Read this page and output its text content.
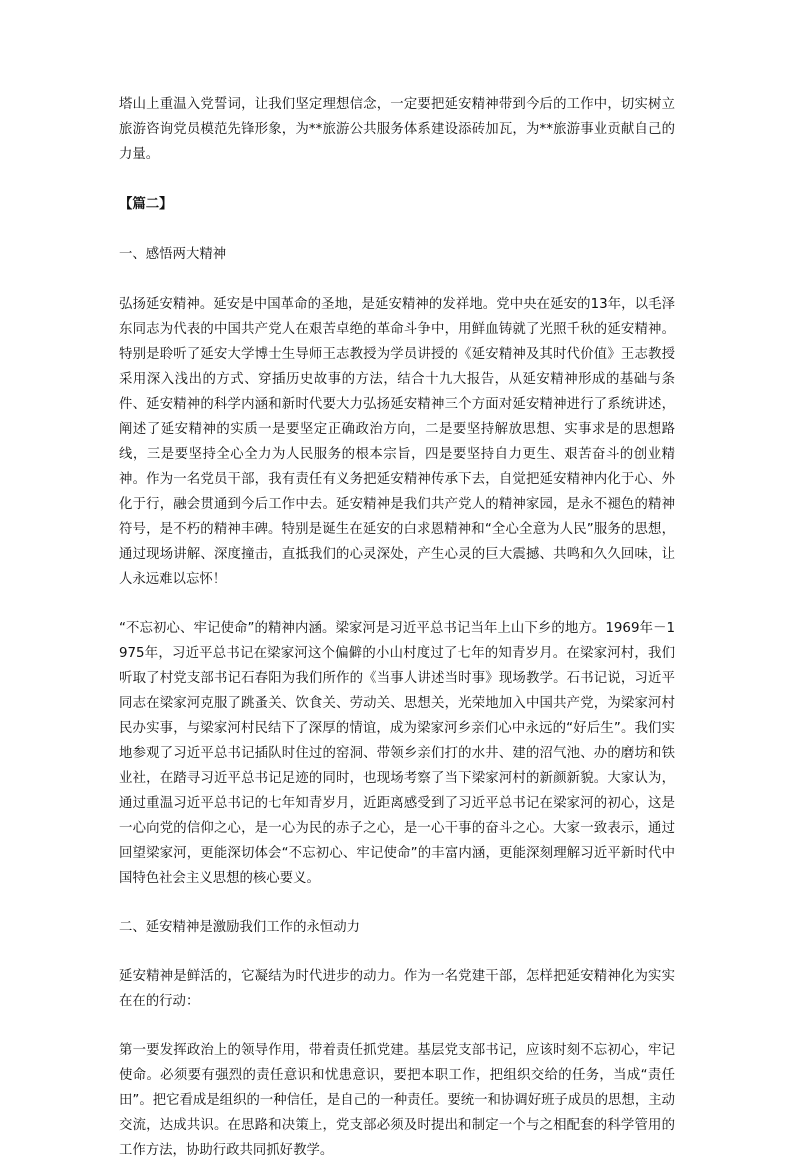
塔山上重温入党誓词，让我们坚定理想信念，一定要把延安精神带到今后的工作中，切实树立旅游咨询党员模范先锋形象，为**旅游公共服务体系建设添砖加瓦，为**旅游事业贡献自己的力量。

【篇二】

一、感悟两大精神

弘扬延安精神。延安是中国革命的圣地，是延安精神的发祥地。党中央在延安的13年，以毛泽东同志为代表的中国共产党人在艰苦卓绝的革命斗争中，用鲜血铸就了光照千秋的延安精神。特别是聆听了延安大学博士生导师王志教授为学员讲授的《延安精神及其时代价值》王志教授采用深入浅出的方式、穿插历史故事的方法，结合十九大报告，从延安精神形成的基础与条件、延安精神的科学内涵和新时代要大力弘扬延安精神三个方面对延安精神进行了系统讲述，阐述了延安精神的实质一是要坚定正确政治方向，二是要坚持解放思想、实事求是的思想路线，三是要坚持全心全力为人民服务的根本宗旨，四是要坚持自力更生、艰苦奋斗的创业精神。作为一名党员干部，我有责任有义务把延安精神传承下去，自觉把延安精神内化于心、外化于行，融会贯通到今后工作中去。延安精神是我们共产党人的精神家园，是永不褪色的精神符号，是不朽的精神丰碑。特别是诞生在延安的白求恩精神和“全心全意为人民”服务的思想，通过现场讲解、深度撞击，直抵我们的心灵深处，产生心灵的巨大震撼、共鸣和久久回味，让人永远难以忘怀！

“不忘初心、牢记使命”的精神内涵。梁家河是习近平总书记当年上山下乡的地方。1969年－1975年，习近平总书记在梁家河这个偏僻的小山村度过了七年的知青岁月。在梁家河村，我们听取了村党支部书记石春阳为我们所作的《当事人讲述当时事》现场教学。石书记说，习近平同志在梁家河克服了跳蚤关、饮食关、劳动关、思想关，光荣地加入中国共产党，为梁家河村民办实事，与梁家河村民结下了深厚的情谊，成为梁家河乡亲们心中永远的“好后生”。我们实地参观了习近平总书记插队时住过的窑洞、带领乡亲们打的水井、建的沼气池、办的磨坊和铁业社，在踏寻习近平总书记足迹的同时，也现场考察了当下梁家河村的新颜新貌。大家认为，通过重温习近平总书记的七年知青岁月，近距离感受到了习近平总书记在梁家河的初心，这是一心向党的信仰之心，是一心为民的赤子之心，是一心干事的奋斗之心。大家一致表示，通过回望梁家河，更能深切体会“不忘初心、牢记使命”的丰富内涵，更能深刻理解习近平新时代中国特色社会主义思想的核心要义。

二、延安精神是激励我们工作的永恒动力

延安精神是鲜活的，它凝结为时代进步的动力。作为一名党建干部，怎样把延安精神化为实实在在的行动：

第一要发挥政治上的领导作用，带着责任抓党建。基层党支部书记，应该时刻不忘初心，牢记使命。必须要有强烈的责任意识和忧患意识，要把本职工作，把组织交给的任务，当成“责任田”。把它看成是组织的一种信任，是自己的一种责任。要统一和协调好班子成员的思想，主动交流，达成共识。在思路和决策上，党支部必须及时提出和制定一个与之相配套的科学管用的工作方法，协助行政共同抓好教学。
